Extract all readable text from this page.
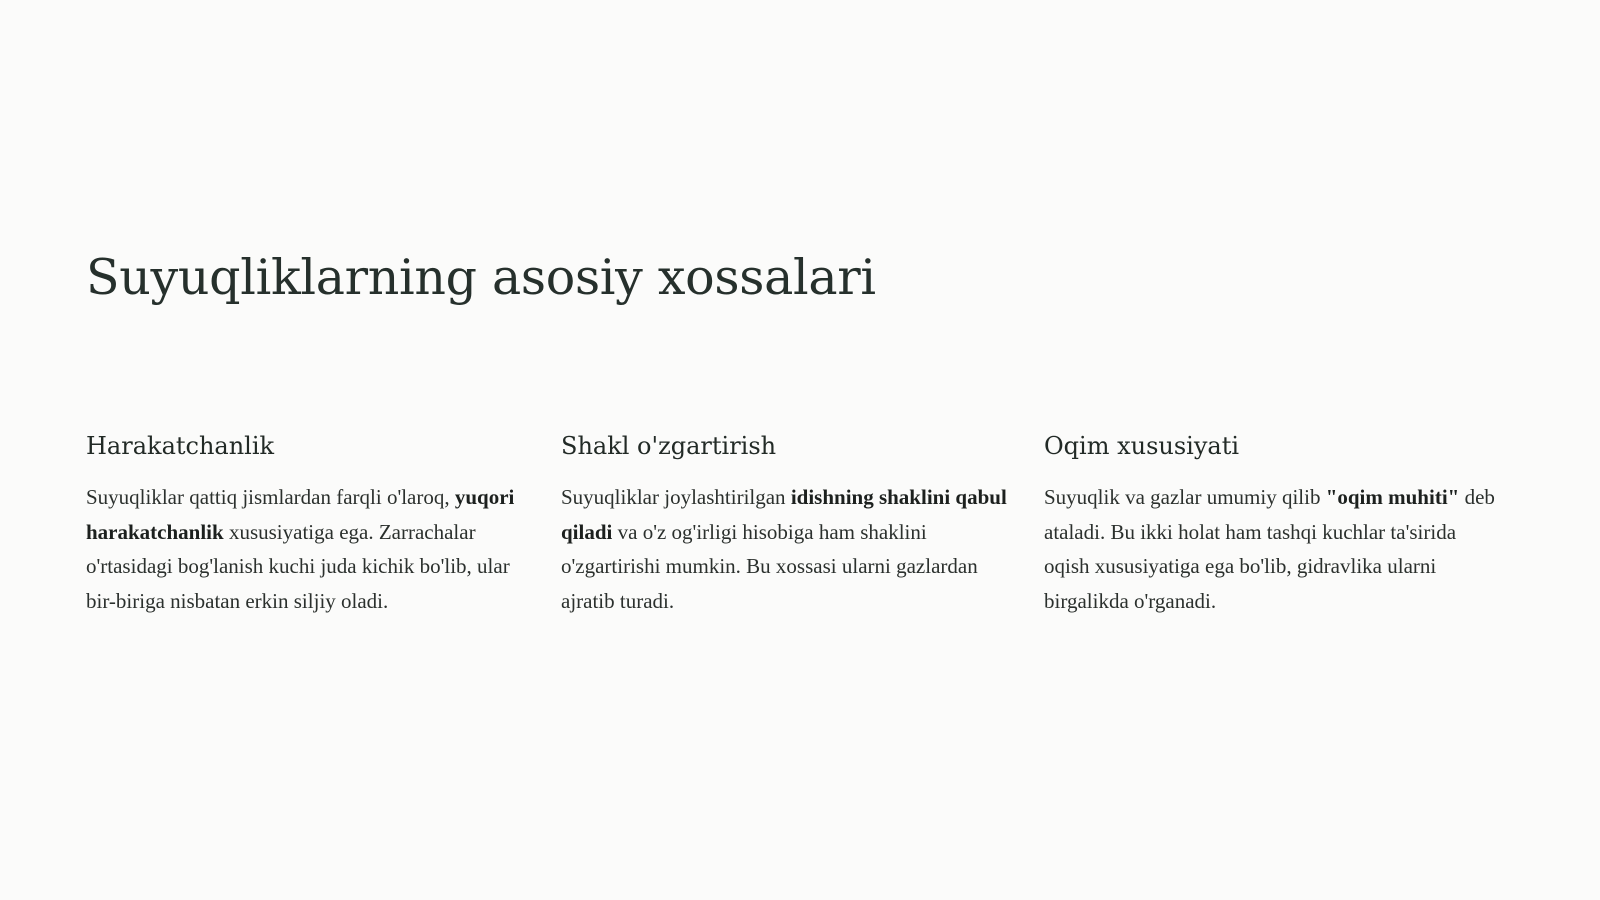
Suyuqliklarning asosiy xossalari
Harakatchanlik

Suyuqliklar qattiq jismlardan farqli o'laroq, yuqori harakatchanlik xususiyatiga ega. Zarrachalar o'rtasidagi bog'lanish kuchi juda kichik bo'lib, ular bir-biriga nisbatan erkin siljiy oladi.

Shakl o'zgartirish

Suyuqliklar joylashtirilgan idishning shaklini qabul qiladi va o'z og'irligi hisobiga ham shaklini o'zgartirishi mumkin. Bu xossasi ularni gazlardan ajratib turadi.

Oqim xususiyati

Suyuqlik va gazlar umumiy qilib "oqim muhiti" deb ataladi. Bu ikki holat ham tashqi kuchlar ta'sirida oqish xususiyatiga ega bo'lib, gidravlika ularni birgalikda o'rganadi.
